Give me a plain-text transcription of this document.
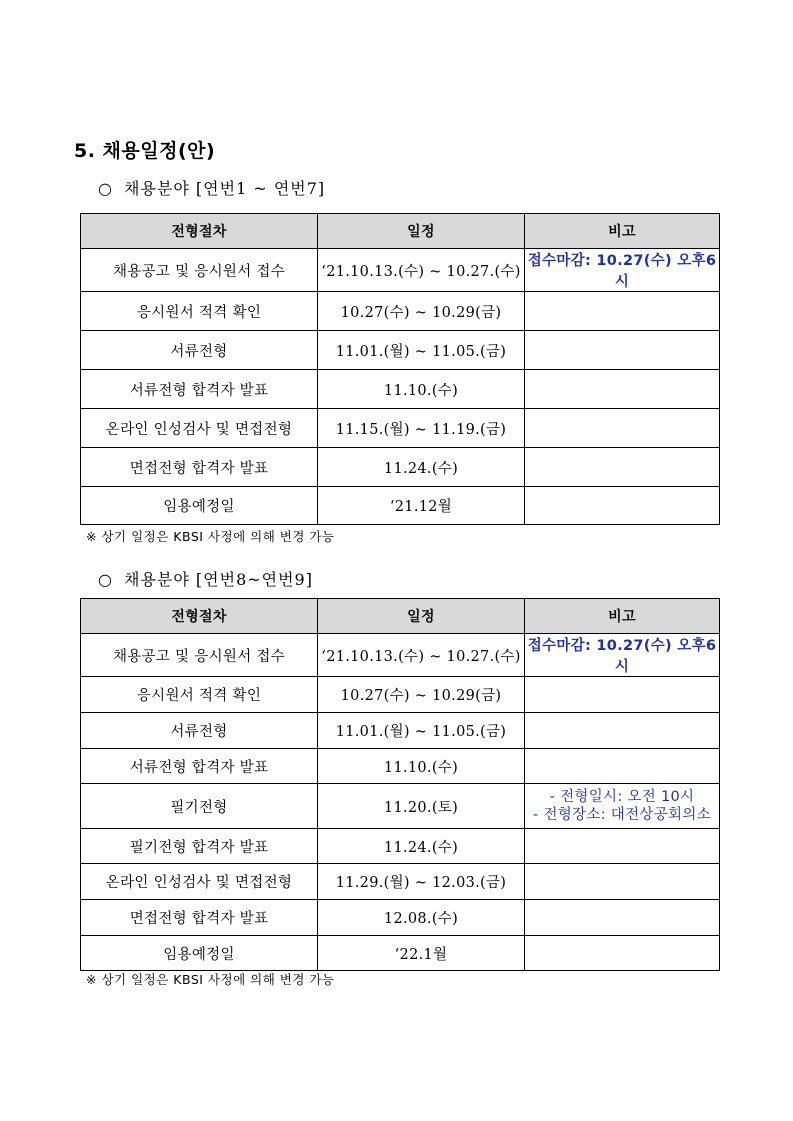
5. 채용일정(안)
○ 채용분야 [연번1 ~ 연번7]
전형절차	일정	비고
채용공고 및 응시원서 접수	‘21.10.13.(수) ~ 10.27.(수)	접수마감: 10.27(수) 오후6시
응시원서 적격 확인	10.27(수) ~ 10.29(금)	
서류전형	11.01.(월) ~ 11.05.(금)	
서류전형 합격자 발표	11.10.(수)	
온라인 인성검사 및 면접전형	11.15.(월) ~ 11.19.(금)	
면접전형 합격자 발표	11.24.(수)	
임용예정일	‘21.12월	
※ 상기 일정은 KBSI 사정에 의해 변경 가능
○ 채용분야 [연번8~연번9]
전형절차	일정	비고
채용공고 및 응시원서 접수	‘21.10.13.(수) ~ 10.27.(수)	접수마감: 10.27(수) 오후6시
응시원서 적격 확인	10.27(수) ~ 10.29(금)	
서류전형	11.01.(월) ~ 11.05.(금)	
서류전형 합격자 발표	11.10.(수)	
필기전형	11.20.(토)	- 전형일시: 오전 10시
- 전형장소: 대전상공회의소

필기전형 합격자 발표	11.24.(수)	
온라인 인성검사 및 면접전형	11.29.(월) ~ 12.03.(금)	
면접전형 합격자 발표	12.08.(수)	
임용예정일	‘22.1월	
※ 상기 일정은 KBSI 사정에 의해 변경 가능
